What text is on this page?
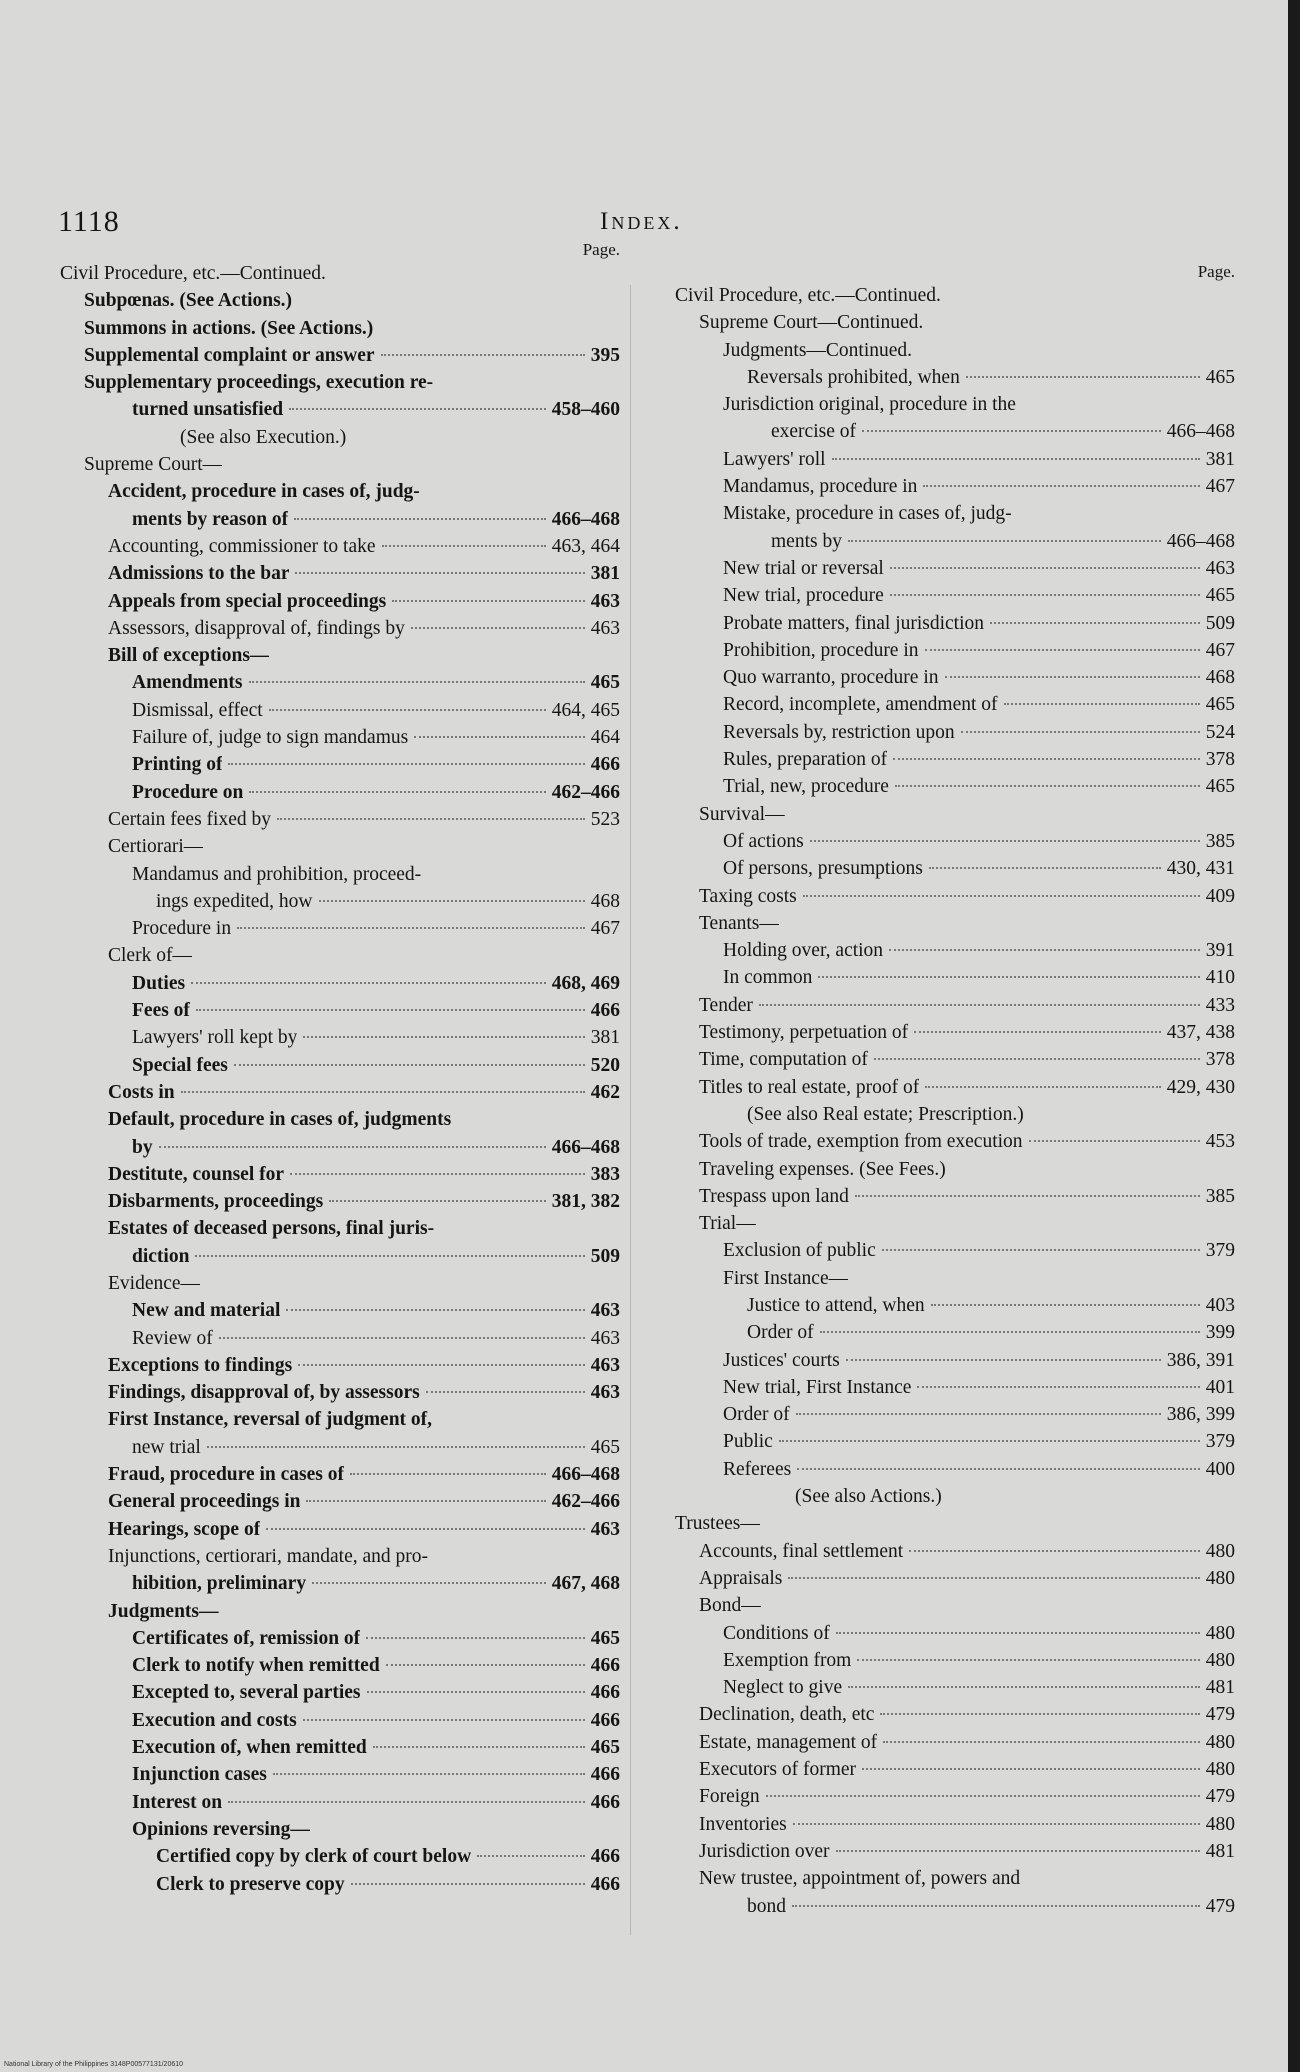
1118	Index.
Page.
Civil Procedure, etc.—Continued.
Subpœnas. (See Actions.)
Summons in actions. (See Actions.)
Supplemental complaint or answer	395
Supplementary proceedings, execution re-
turned unsatisfied	458–460
(See also Execution.)
Supreme Court—
Accident, procedure in cases of, judg-
ments by reason of	466–468
Accounting, commissioner to take	463, 464
Admissions to the bar	381
Appeals from special proceedings	463
Assessors, disapproval of, findings by	463
Bill of exceptions—
Amendments	465
Dismissal, effect	464, 465
Failure of, judge to sign mandamus	464
Printing of	466
Procedure on	462–466
Certain fees fixed by	523
Certiorari—
Mandamus and prohibition, proceed-
ings expedited, how	468
Procedure in	467
Clerk of—
Duties	468, 469
Fees of	466
Lawyers' roll kept by	381
Special fees	520
Costs in	462
Default, procedure in cases of, judgments
by	466–468
Destitute, counsel for	383
Disbarments, proceedings	381, 382
Estates of deceased persons, final juris-
diction	509
Evidence—
New and material	463
Review of	463
Exceptions to findings	463
Findings, disapproval of, by assessors	463
First Instance, reversal of judgment of,
new trial	465
Fraud, procedure in cases of	466–468
General proceedings in	462–466
Hearings, scope of	463
Injunctions, certiorari, mandate, and pro-
hibition, preliminary	467, 468
Judgments—
Certificates of, remission of	465
Clerk to notify when remitted	466
Excepted to, several parties	466
Execution and costs	466
Execution of, when remitted	465
Injunction cases	466
Interest on	466
Opinions reversing—
Certified copy by clerk of court below	466
Clerk to preserve copy	466
Page.
Civil Procedure, etc.—Continued.
Supreme Court—Continued.
Judgments—Continued.
Reversals prohibited, when	465
Jurisdiction original, procedure in the
exercise of	466–468
Lawyers' roll	381
Mandamus, procedure in	467
Mistake, procedure in cases of, judg-
ments by	466–468
New trial or reversal	463
New trial, procedure	465
Probate matters, final jurisdiction	509
Prohibition, procedure in	467
Quo warranto, procedure in	468
Record, incomplete, amendment of	465
Reversals by, restriction upon	524
Rules, preparation of	378
Trial, new, procedure	465
Survival—
Of actions	385
Of persons, presumptions	430, 431
Taxing costs	409
Tenants—
Holding over, action	391
In common	410
Tender	433
Testimony, perpetuation of	437, 438
Time, computation of	378
Titles to real estate, proof of	429, 430
(See also Real estate; Prescription.)
Tools of trade, exemption from execution	453
Traveling expenses. (See Fees.)
Trespass upon land	385
Trial—
Exclusion of public	379
First Instance—
Justice to attend, when	403
Order of	399
Justices' courts	386, 391
New trial, First Instance	401
Order of	386, 399
Public	379
Referees	400
(See also Actions.)
Trustees—
Accounts, final settlement	480
Appraisals	480
Bond—
Conditions of	480
Exemption from	480
Neglect to give	481
Declination, death, etc	479
Estate, management of	480
Executors of former	480
Foreign	479
Inventories	480
Jurisdiction over	481
New trustee, appointment of, powers and
bond	479
National Library of the Philippines 3148P00577131/20610
